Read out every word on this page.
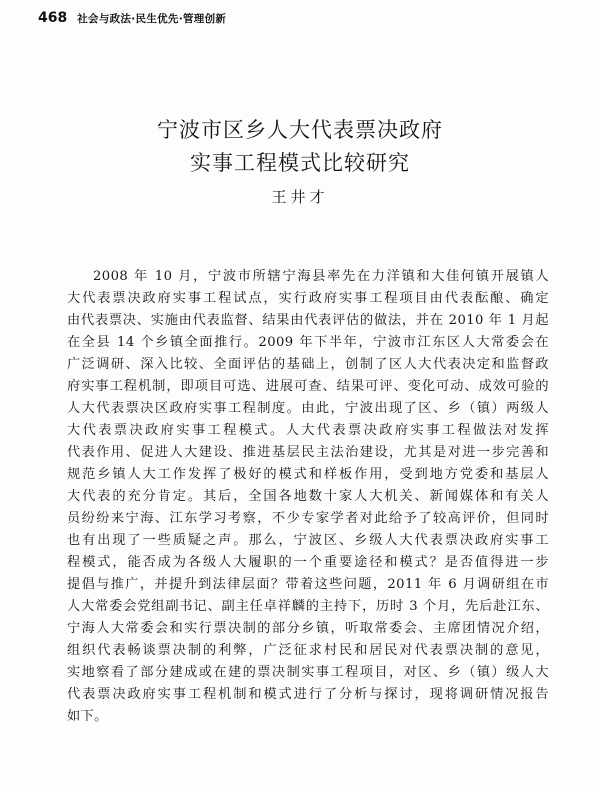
468 社会与政法·民生优先·管理创新
宁波市区乡人大代表票决政府
实事工程模式比较研究
王井才
2008 年 10 月，宁波市所辖宁海县率先在力洋镇和大佳何镇开展镇人
大代表票决政府实事工程试点，实行政府实事工程项目由代表酝酿、确定
由代表票决、实施由代表监督、结果由代表评估的做法，并在 2010 年 1 月起
在全县 14 个乡镇全面推行。2009 年下半年，宁波市江东区人大常委会在
广泛调研、深入比较、全面评估的基础上，创制了区人大代表决定和监督政
府实事工程机制，即项目可选、进展可查、结果可评、变化可动、成效可验的
人大代表票决区政府实事工程制度。由此，宁波出现了区、乡（镇）两级人
大代表票决政府实事工程模式。人大代表票决政府实事工程做法对发挥
代表作用、促进人大建设、推进基层民主法治建设，尤其是对进一步完善和
规范乡镇人大工作发挥了极好的模式和样板作用，受到地方党委和基层人
大代表的充分肯定。其后，全国各地数十家人大机关、新闻媒体和有关人
员纷纷来宁海、江东学习考察，不少专家学者对此给予了较高评价，但同时
也有出现了一些质疑之声。那么，宁波区、乡级人大代表票决政府实事工
程模式，能否成为各级人大履职的一个重要途径和模式？是否值得进一步
提倡与推广，并提升到法律层面？带着这些问题，2011 年 6 月调研组在市
人大常委会党组副书记、副主任卓祥麟的主持下，历时 3 个月，先后赴江东、
宁海人大常委会和实行票决制的部分乡镇，听取常委会、主席团情况介绍，
组织代表畅谈票决制的利弊，广泛征求村民和居民对代表票决制的意见，
实地察看了部分建成或在建的票决制实事工程项目，对区、乡（镇）级人大
代表票决政府实事工程机制和模式进行了分析与探讨，现将调研情况报告
如下。
